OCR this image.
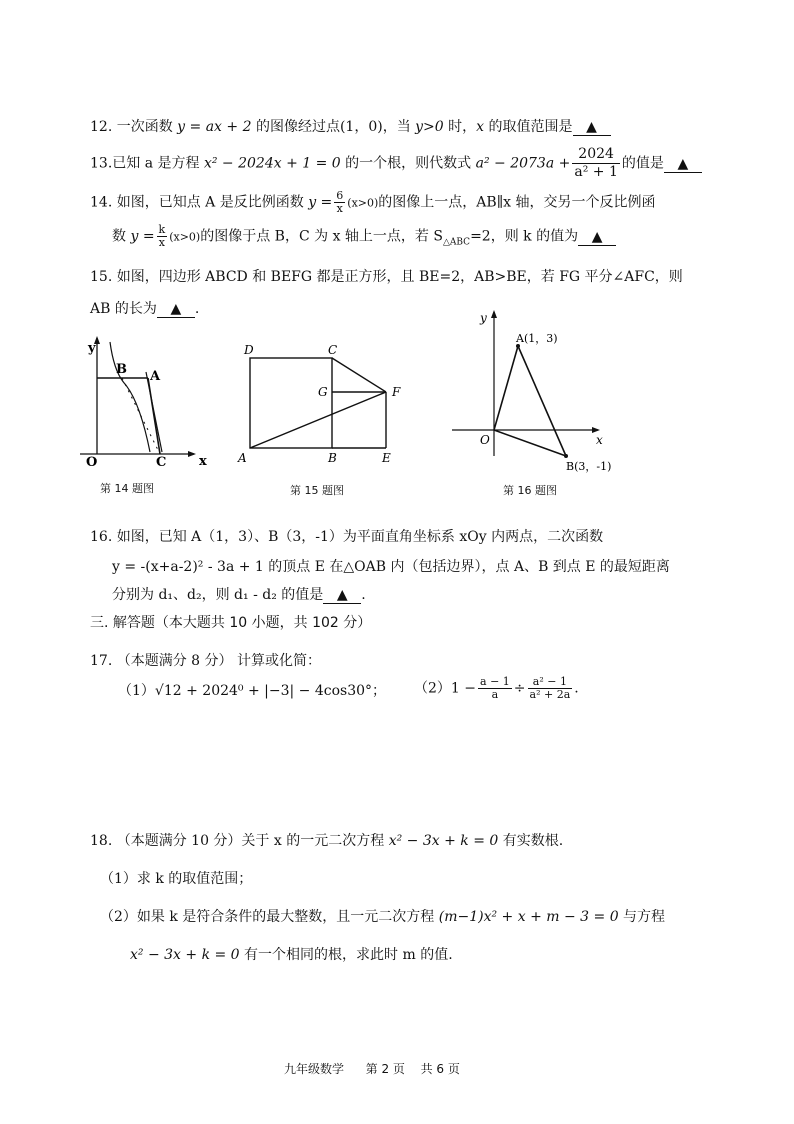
12. 一次函数 y = ax + 2 的图像经过点(1，0)，当 y>0 时，x 的取值范围是 ▲
13.已知 a 是方程 x² − 2024x + 1 = 0 的一个根，则代数式 $a^2 - 2073a + \frac{2024}{\text{a² + 1}}$ 的值是 ▲
14. 如图，已知点 A 是反比例函数 $y = \frac{6}{x} (x>0)$的图像上一点，AB∥x 轴，交另一个反比例函
数 $y = \frac{k}{x} (x>0)$的图像于点 B，C 为 x 轴上一点，若 $S_{\triangle ABC}=2$，则 k 的值为 ▲
15. 如图，四边形 ABCD 和 BEFG 都是正方形，且 BE=2，AB>BE，若 FG 平分∠AFC，则
AB 的长为 ▲ .
y
x
O
B A
C
第 14 题图
D	C
G	F
A	B	E
第 15 题图
y
x
O
A(1，3)
B(3，-1)
第 16 题图
16. 如图，已知 A（1，3）、B（3，-1）为平面直角坐标系 xOy 内两点，二次函数
y = -(x+a-2)² - 3a + 1 的顶点 E 在△OAB 内（包括边界），点 A、B 到点 E 的最短距离
分别为 d₁、d₂，则 d₁ - d₂ 的值是 ▲ .
三. 解答题（本大题共 10 小题，共 102 分）
17. （本题满分 8 分） 计算或化简：
（1）√12 + 2024⁰ + |−3| − 4cos30°； $(2)1 - \frac{a - 1}{a} \div \frac{\text{a² − 1}}{\text{a² + 2a}}$ .
18. （本题满分 10 分）关于 x 的一元二次方程 x² − 3x + k = 0 有实数根.
（1）求 k 的取值范围；
（2）如果 k 是符合条件的最大整数，且一元二次方程 (m−1)x² + x + m − 3 = 0 与方程
x² − 3x + k = 0 有一个相同的根，求此时 m 的值.
九年级数学 第 2 页 共 6 页
